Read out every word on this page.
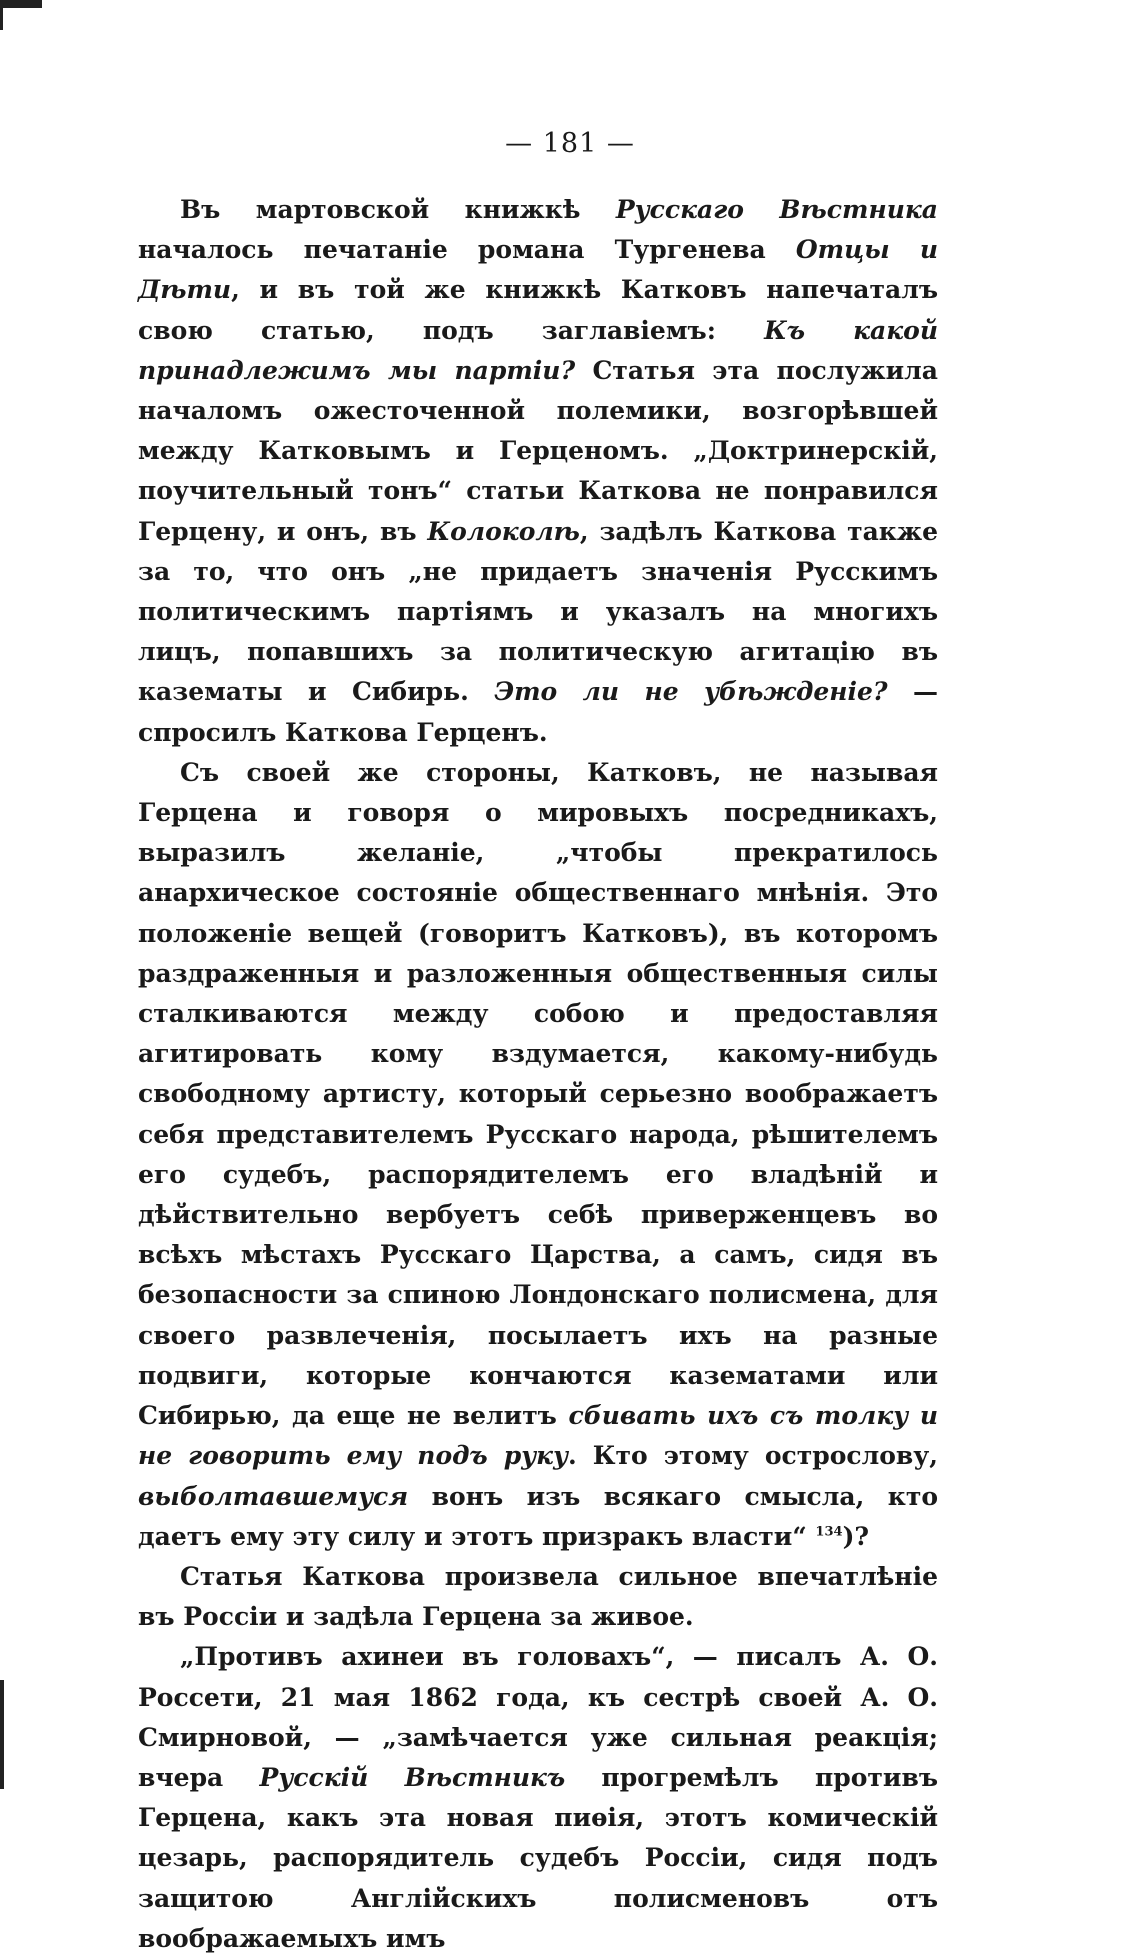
— 181 —

Въ мартовской книжкѣ Русскаго Вѣстника началось печатаніе романа Тургенева Отцы и Дѣти, и въ той же книжкѣ Катковъ напечаталъ свою статью, подъ заглавіемъ: Къ какой принадлежимъ мы партіи? Статья эта послужила началомъ ожесточенной полемики, возгорѣвшей между Катковымъ и Герценомъ. „Доктринерскій, поучительный тонъ“ статьи Каткова не понравился Герцену, и онъ, въ Колоколѣ, задѣлъ Каткова также за то, что онъ „не придаетъ значенія Русскимъ политическимъ партіямъ и указалъ на многихъ лицъ, попавшихъ за политическую агитацію въ казематы и Сибирь. Это ли не убѣжденіе? — спросилъ Каткова Герценъ.

Съ своей же стороны, Катковъ, не называя Герцена и говоря о мировыхъ посредникахъ, выразилъ желаніе, „чтобы прекратилось анархическое состояніе общественнаго мнѣнія. Это положеніе вещей (говоритъ Катковъ), въ которомъ раздраженныя и разложенныя общественныя силы сталкиваются между собою и предоставляя агитировать кому вздумается, какому-нибудь свободному артисту, который серьезно воображаетъ себя представителемъ Русскаго народа, рѣшителемъ его судебъ, распорядителемъ его владѣній и дѣйствительно вербуетъ себѣ приверженцевъ во всѣхъ мѣстахъ Русскаго Царства, а самъ, сидя въ безопасности за спиною Лондонскаго полисмена, для своего развлеченія, посылаетъ ихъ на разные подвиги, которые кончаются казематами или Сибирью, да еще не велитъ сбивать ихъ съ толку и не говорить ему подъ руку. Кто этому острослову, выболтавшемуся вонъ изъ всякаго смысла, кто даетъ ему эту силу и этотъ призракъ власти“ $^{134}$)?

Статья Каткова произвела сильное впечатлѣніе въ Россіи и задѣла Герцена за живое.

„Противъ ахинеи въ головахъ“, — писалъ А. О. Россети, 21 мая 1862 года, къ сестрѣ своей А. О. Смирновой, — „замѣчается уже сильная реакція; вчера Русскій Вѣстникъ прогремѣлъ противъ Герцена, какъ эта новая пиѳія, этотъ комическій цезарь, распорядитель судебъ Россіи, сидя подъ защитою Англійскихъ полисменовъ отъ воображаемыхъ имъ
